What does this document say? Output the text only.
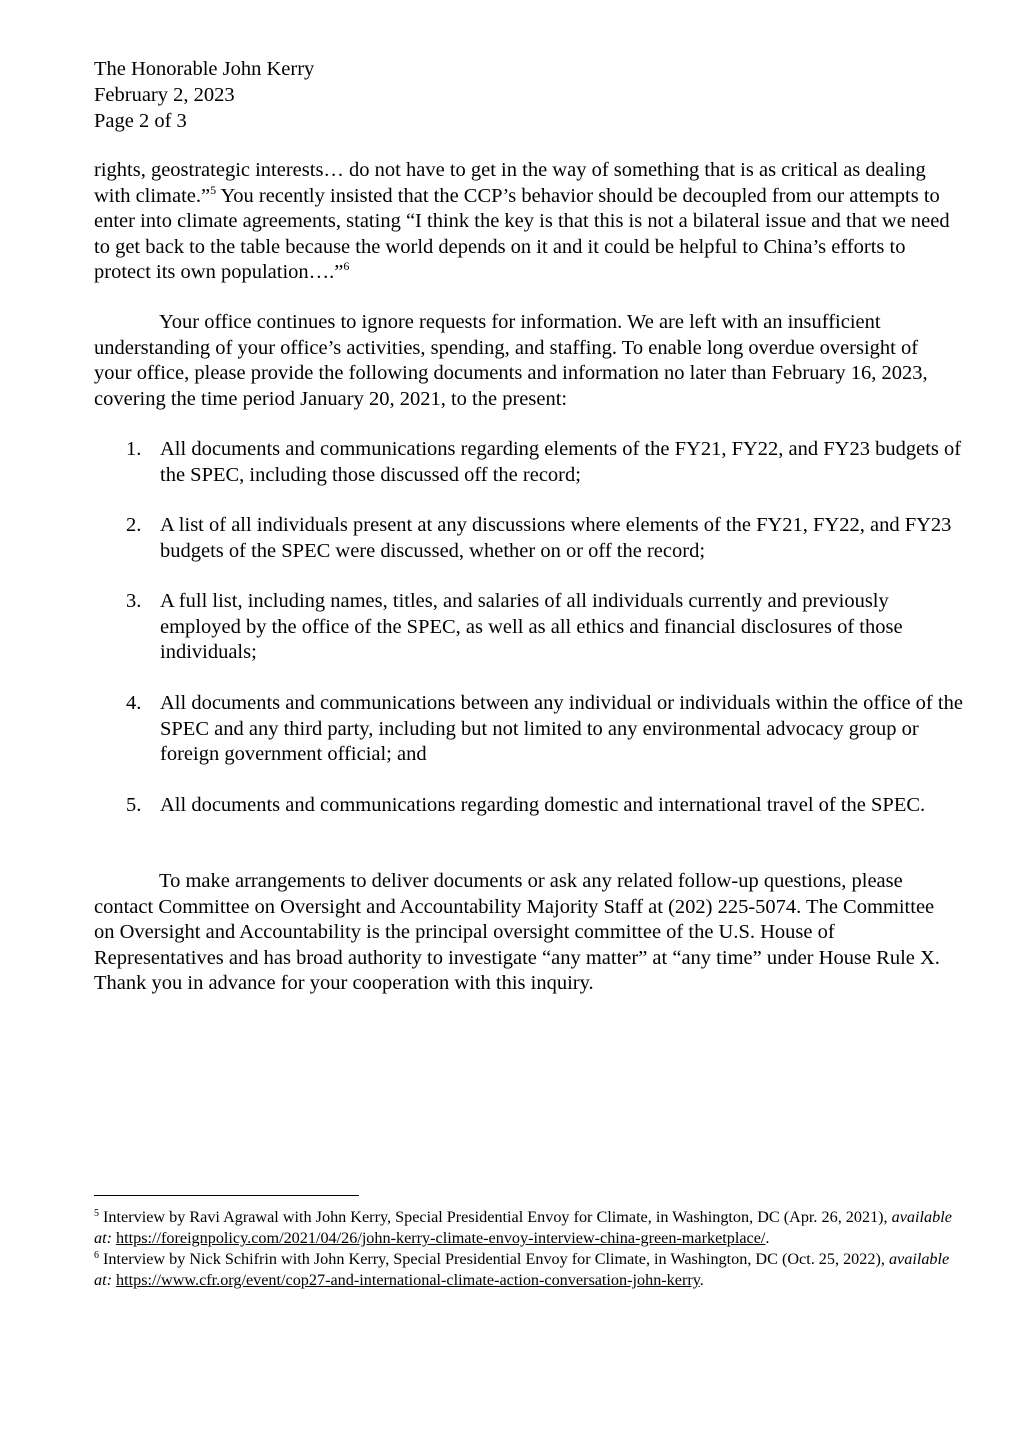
The Honorable John Kerry
February 2, 2023
Page 2 of 3
rights, geostrategic interests… do not have to get in the way of something that is as critical as dealing with climate.”$^5$ You recently insisted that the CCP’s behavior should be decoupled from our attempts to enter into climate agreements, stating “I think the key is that this is not a bilateral issue and that we need to get back to the table because the world depends on it and it could be helpful to China’s efforts to protect its own population….”$^6$
Your office continues to ignore requests for information. We are left with an insufficient understanding of your office’s activities, spending, and staffing. To enable long overdue oversight of your office, please provide the following documents and information no later than February 16, 2023, covering the time period January 20, 2021, to the present:
1. All documents and communications regarding elements of the FY21, FY22, and FY23 budgets of the SPEC, including those discussed off the record;
2. A list of all individuals present at any discussions where elements of the FY21, FY22, and FY23 budgets of the SPEC were discussed, whether on or off the record;
3. A full list, including names, titles, and salaries of all individuals currently and previously employed by the office of the SPEC, as well as all ethics and financial disclosures of those individuals;
4. All documents and communications between any individual or individuals within the office of the SPEC and any third party, including but not limited to any environmental advocacy group or foreign government official; and
5. All documents and communications regarding domestic and international travel of the SPEC.
To make arrangements to deliver documents or ask any related follow-up questions, please contact Committee on Oversight and Accountability Majority Staff at (202) 225-5074. The Committee on Oversight and Accountability is the principal oversight committee of the U.S. House of Representatives and has broad authority to investigate “any matter” at “any time” under House Rule X. Thank you in advance for your cooperation with this inquiry.

$^5$ Interview by Ravi Agrawal with John Kerry, Special Presidential Envoy for Climate, in Washington, DC (Apr. 26, 2021), available at: https://foreignpolicy.com/2021/04/26/john-kerry-climate-envoy-interview-china-green-marketplace/.

$^6$ Interview by Nick Schifrin with John Kerry, Special Presidential Envoy for Climate, in Washington, DC (Oct. 25, 2022), available at: https://www.cfr.org/event/cop27-and-international-climate-action-conversation-john-kerry.
